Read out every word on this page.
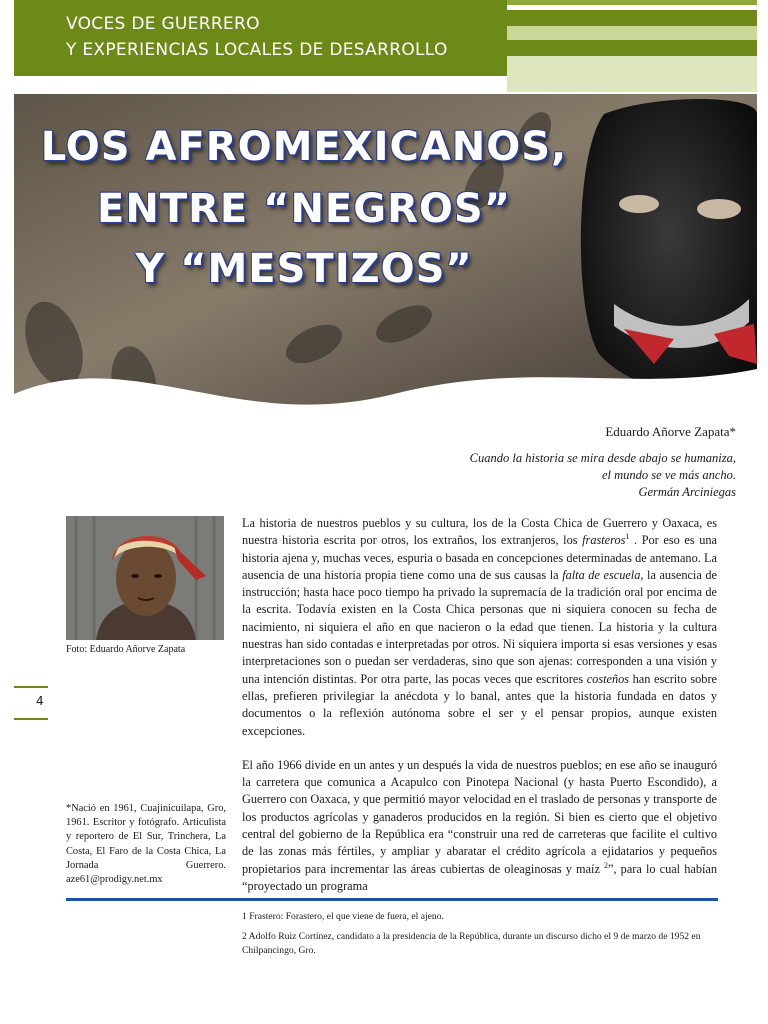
VOCES DE GUERRERO
Y EXPERIENCIAS LOCALES DE DESARROLLO
LOS AFROMEXICANOS,
ENTRE “NEGROS”
Y “MESTIZOS”
Eduardo Añorve Zapata*
Cuando la historia se mira desde abajo se humaniza,
el mundo se ve más ancho.
Germán Arciniegas
Foto: Eduardo Añorve Zapata
4
*Nació en 1961, Cuajinicuilapa, Gro, 1961. Escritor y fotógrafo. Articulista y reportero de El Sur, Trinchera, La Costa, El Faro de la Costa Chica, La Jornada Guerrero. aze61@prodigy.net.mx

La historia de nuestros pueblos y su cultura, los de la Costa Chica de Guerrero y Oaxaca, es nuestra historia escrita por otros, los extraños, los extranjeros, los frasteros$^1$ . Por eso es una historia ajena y, muchas veces, espuria o basada en concepciones determinadas de antemano. La ausencia de una historia propia tiene como una de sus causas la falta de escuela, la ausencia de instrucción; hasta hace poco tiempo ha privado la supremacía de la tradición oral por encima de la escrita. Todavía existen en la Costa Chica personas que ni siquiera conocen su fecha de nacimiento, ni siquiera el año en que nacieron o la edad que tienen. La historia y la cultura nuestras han sido contadas e interpretadas por otros. Ni siquiera importa si esas versiones y esas interpretaciones son o puedan ser verdaderas, sino que son ajenas: corresponden a una visión y una intención distintas. Por otra parte, las pocas veces que escritores costeños han escrito sobre ellas, prefieren privilegiar la anécdota y lo banal, antes que la historia fundada en datos y documentos o la reflexión autónoma sobre el ser y el pensar propios, aunque existen excepciones.

El año 1966 divide en un antes y un después la vida de nuestros pueblos; en ese año se inauguró la carretera que comunica a Acapulco con Pinotepa Nacional (y hasta Puerto Escondido), a Guerrero con Oaxaca, y que permitió mayor velocidad en el traslado de personas y transporte de los productos agrícolas y ganaderos producidos en la región. Si bien es cierto que el objetivo central del gobierno de la República era “construir una red de carreteras que facilite el cultivo de las zonas más fértiles, y ampliar y abaratar el crédito agrícola a ejidatarios y pequeños propietarios para incrementar las áreas cubiertas de oleaginosas y maíz $^2$”, para lo cual habían “proyectado un programa

1 Frastero: Forastero, el que viene de fuera, el ajeno.

2 Adolfo Ruiz Cortínez, candidato a la presidencia de la República, durante un discurso dicho el 9 de marzo de 1952 en Chilpancingo, Gro.
